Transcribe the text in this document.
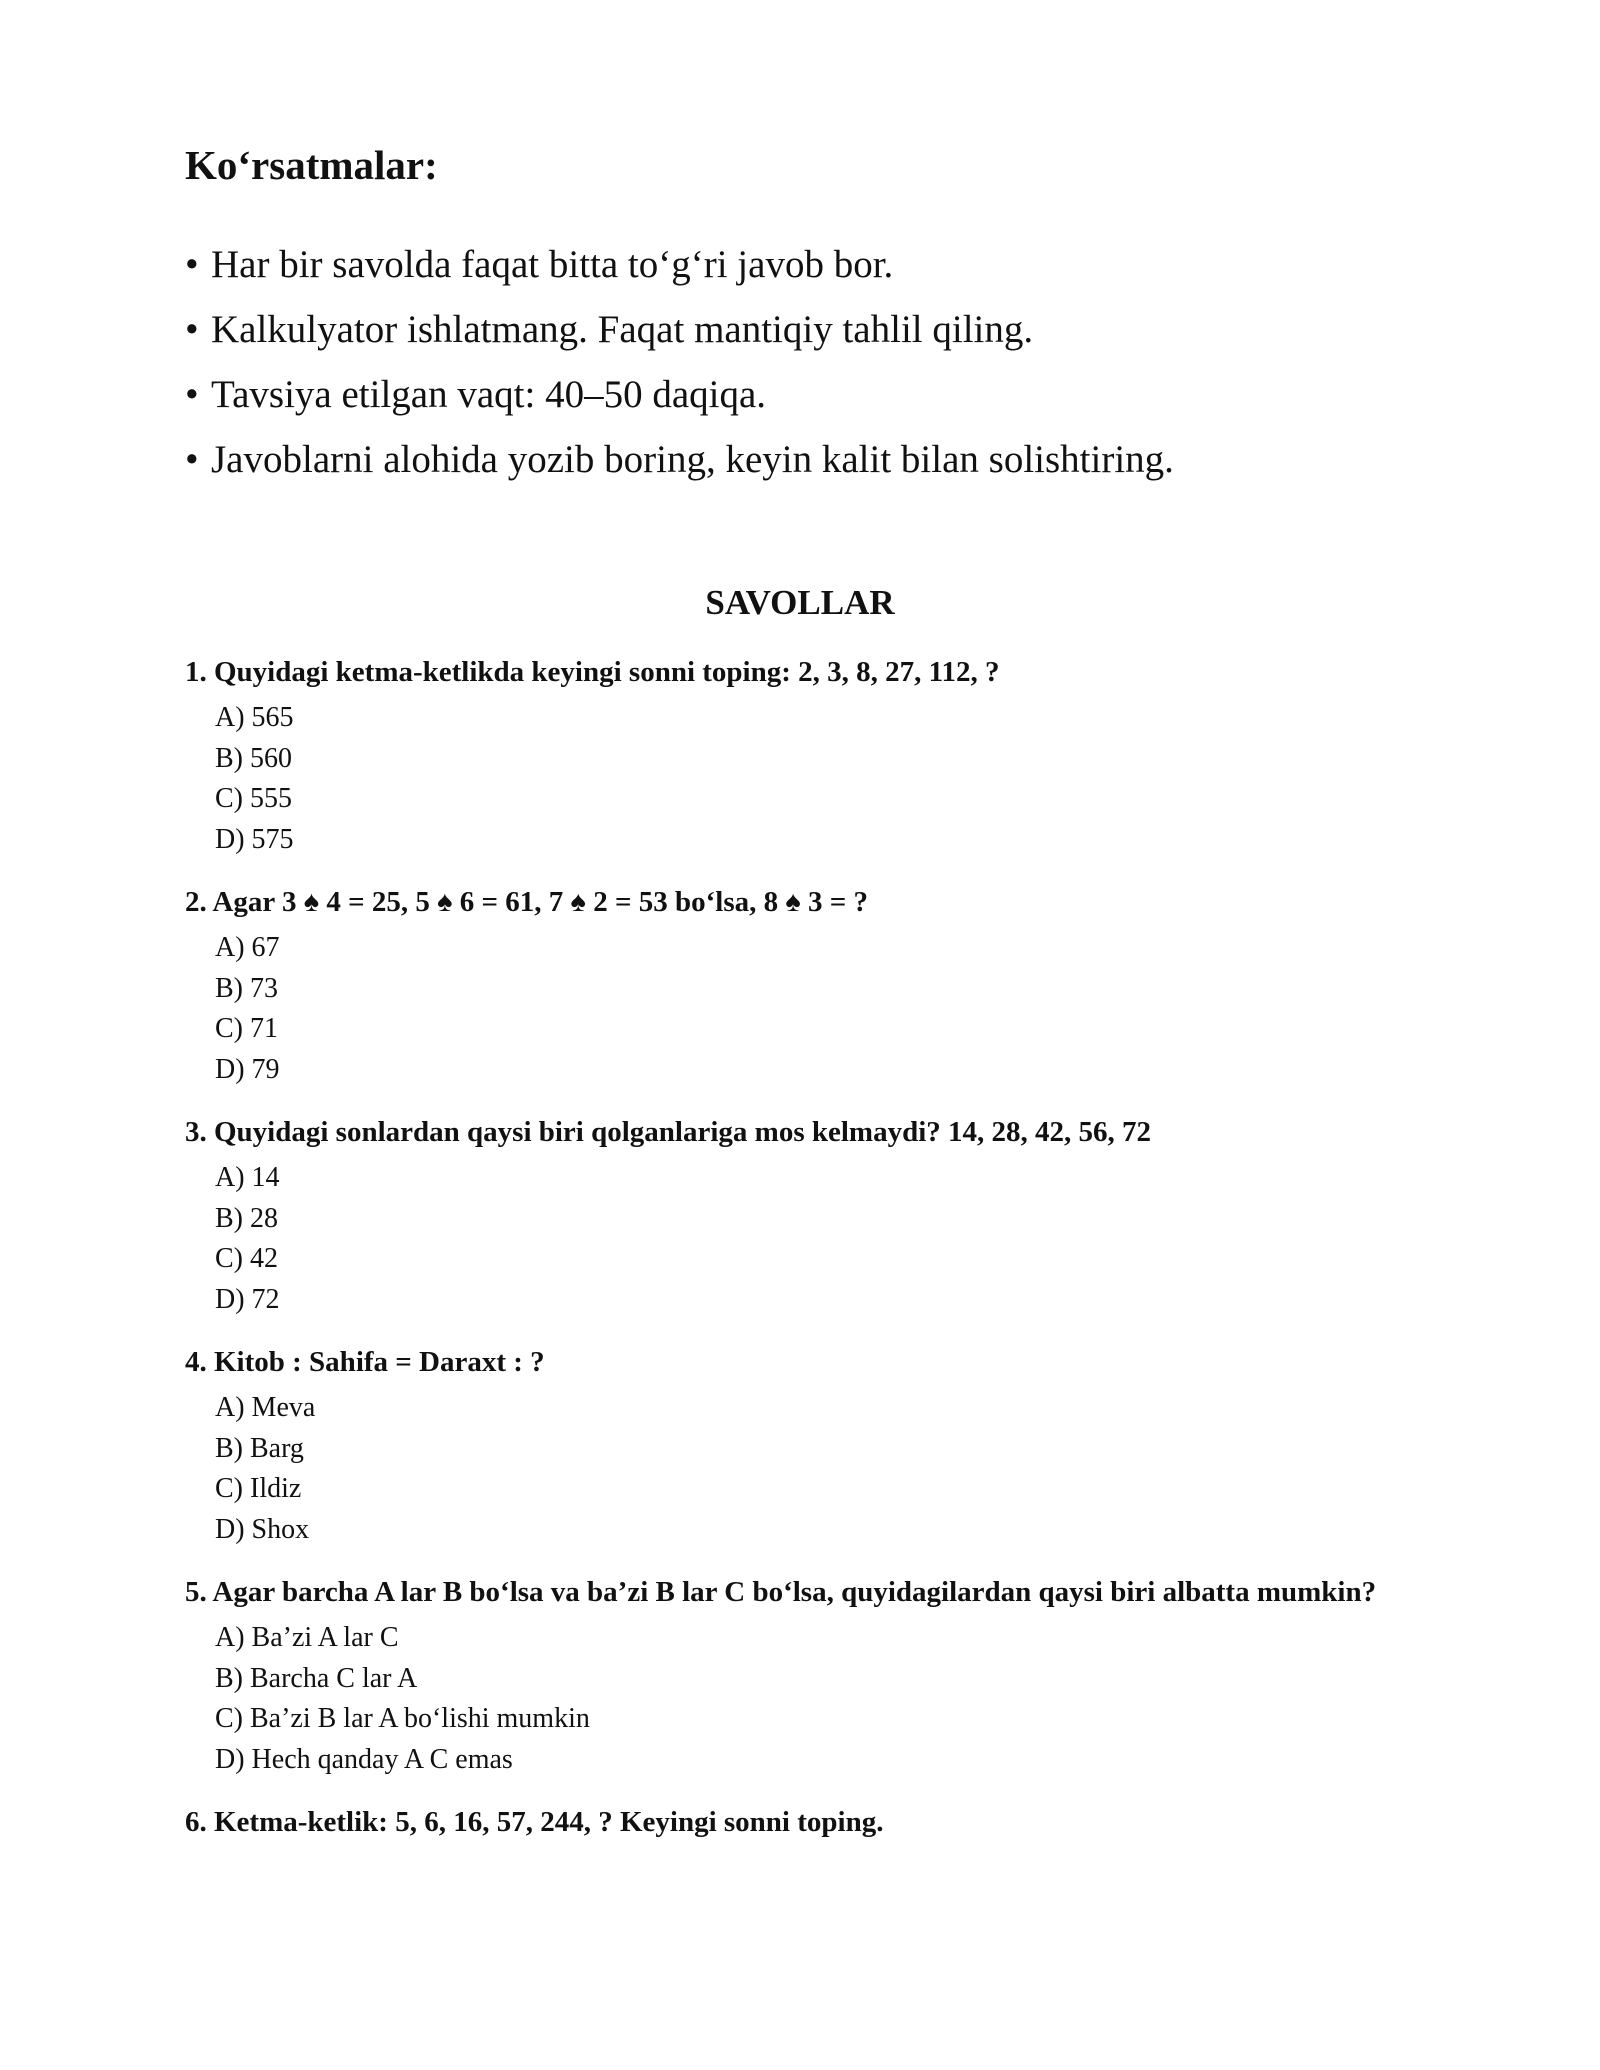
Ko‘rsatmalar:
• Har bir savolda faqat bitta to‘g‘ri javob bor.
• Kalkulyator ishlatmang. Faqat mantiqiy tahlil qiling.
• Tavsiya etilgan vaqt: 40–50 daqiqa.
• Javoblarni alohida yozib boring, keyin kalit bilan solishtiring.
SAVOLLAR

1. Quyidagi ketma-ketlikda keyingi sonni toping: 2, 3, 8, 27, 112, ?

A) 565
B) 560
C) 555
D) 575

2. Agar 3 ♠ 4 = 25, 5 ♠ 6 = 61, 7 ♠ 2 = 53 bo‘lsa, 8 ♠ 3 = ?

A) 67
B) 73
C) 71
D) 79

3. Quyidagi sonlardan qaysi biri qolganlariga mos kelmaydi? 14, 28, 42, 56, 72

A) 14
B) 28
C) 42
D) 72

4. Kitob : Sahifa = Daraxt : ?

A) Meva
B) Barg
C) Ildiz
D) Shox

5. Agar barcha A lar B bo‘lsa va ba’zi B lar C bo‘lsa, quyidagilardan qaysi biri albatta mumkin?

A) Ba’zi A lar C
B) Barcha C lar A
C) Ba’zi B lar A bo‘lishi mumkin
D) Hech qanday A C emas

6. Ketma-ketlik: 5, 6, 16, 57, 244, ? Keyingi sonni toping.
